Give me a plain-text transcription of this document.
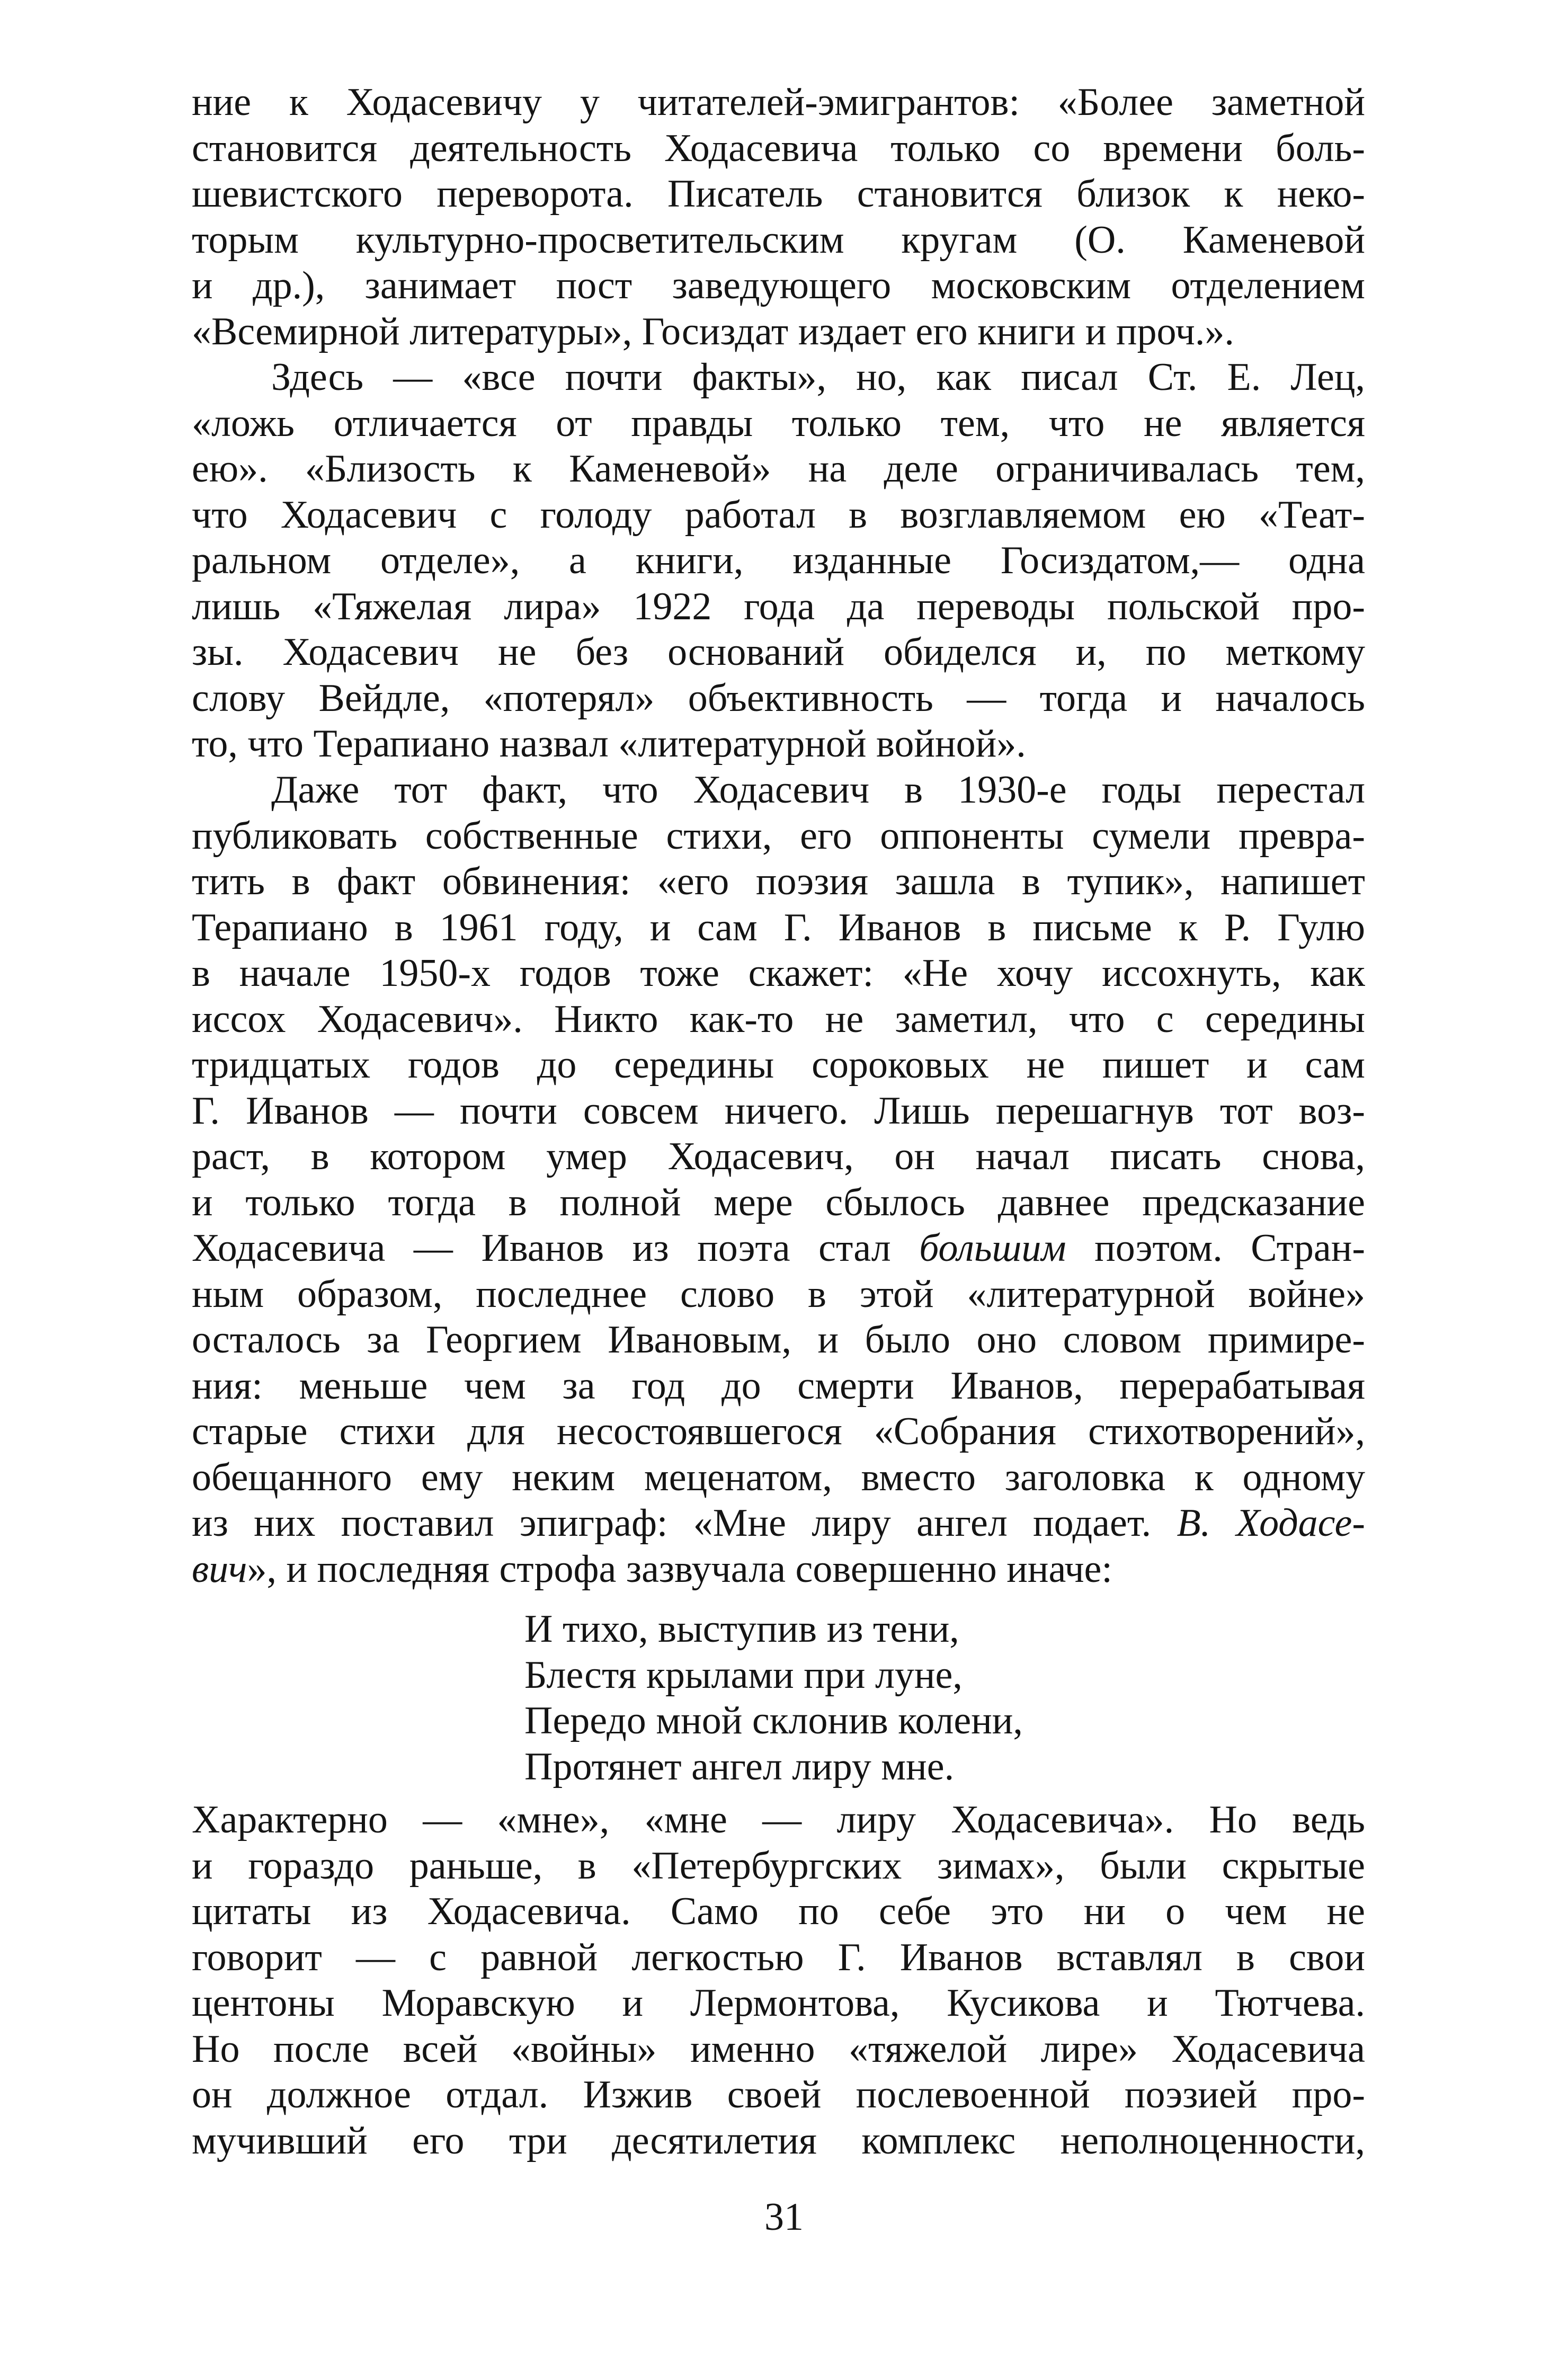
ние к Ходасевичу у читателей-эмигрантов: «Более заметной
становится деятельность Ходасевича только со времени боль-
шевистского переворота. Писатель становится близок к неко-
торым культурно-просветительским кругам (О. Каменевой
и др.), занимает пост заведующего московским отделением
«Всемирной литературы», Госиздат издает его книги и проч.».
Здесь — «все почти факты», но, как писал Ст. Е. Лец,
«ложь отличается от правды только тем, что не является
ею». «Близость к Каменевой» на деле ограничивалась тем,
что Ходасевич с голоду работал в возглавляемом ею «Теат-
ральном отделе», а книги, изданные Госиздатом,— одна
лишь «Тяжелая лира» 1922 года да переводы польской про-
зы. Ходасевич не без оснований обиделся и, по меткому
слову Вейдле, «потерял» объективность — тогда и началось
то, что Терапиано назвал «литературной войной».
Даже тот факт, что Ходасевич в 1930-е годы перестал
публиковать собственные стихи, его оппоненты сумели превра-
тить в факт обвинения: «его поэзия зашла в тупик», напишет
Терапиано в 1961 году, и сам Г. Иванов в письме к Р. Гулю
в начале 1950-х годов тоже скажет: «Не хочу иссохнуть, как
иссох Ходасевич». Никто как-то не заметил, что с середины
тридцатых годов до середины сороковых не пишет и сам
Г. Иванов — почти совсем ничего. Лишь перешагнув тот воз-
раст, в котором умер Ходасевич, он начал писать снова,
и только тогда в полной мере сбылось давнее предсказание
Ходасевича — Иванов из поэта стал большим поэтом. Стран-
ным образом, последнее слово в этой «литературной войне»
осталось за Георгием Ивановым, и было оно словом примире-
ния: меньше чем за год до смерти Иванов, перерабатывая
старые стихи для несостоявшегося «Собрания стихотворений»,
обещанного ему неким меценатом, вместо заголовка к одному
из них поставил эпиграф: «Мне лиру ангел подает. В. Ходасе-
вич», и последняя строфа зазвучала совершенно иначе:
И тихо, выступив из тени,
Блестя крылами при луне,
Передо мной склонив колени,
Протянет ангел лиру мне.
Характерно — «мне», «мне — лиру Ходасевича». Но ведь
и гораздо раньше, в «Петербургских зимах», были скрытые
цитаты из Ходасевича. Само по себе это ни о чем не
говорит — с равной легкостью Г. Иванов вставлял в свои
центоны Моравскую и Лермонтова, Кусикова и Тютчева.
Но после всей «войны» именно «тяжелой лире» Ходасевича
он должное отдал. Изжив своей послевоенной поэзией про-
мучивший его три десятилетия комплекс неполноценности,
31
